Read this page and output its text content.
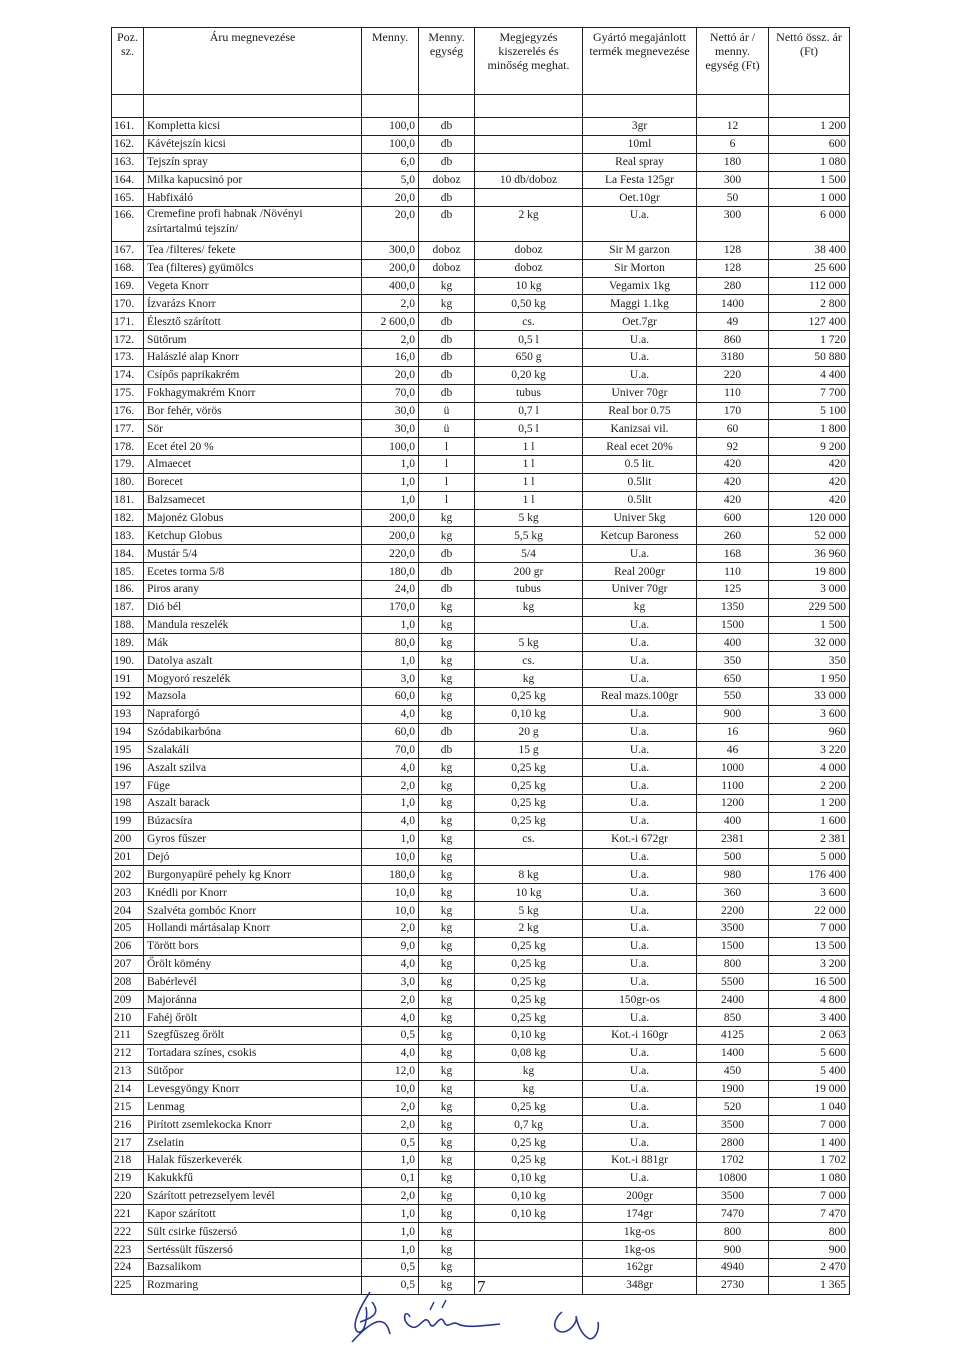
Poz. sz.	Áru megnevezése	Menny.	Menny. egység	Megjegyzés kiszerelés és minőség meghat.	Gyártó megajánlott termék megnevezése	Nettó ár / menny. egység (Ft)	Nettó össz. ár (Ft)

161.	Kompletta kicsi	100,0	db		3gr	12	1 200
162.	Kávétejszín kicsi	100,0	db		10ml	6	600
163.	Tejszín spray	6,0	db		Real spray	180	1 080
164.	Milka kapucsinó por	5,0	doboz	10 db/doboz	La Festa 125gr	300	1 500
165.	Habfixáló	20,0	db		Oet.10gr	50	1 000
166.	Cremefine profi habnak /Növényi zsírtartalmú tejszín/	20,0	db	2 kg	U.a.	300	6 000
167.	Tea /filteres/ fekete	300,0	doboz	doboz	Sir M garzon	128	38 400
168.	Tea (filteres) gyümölcs	200,0	doboz	doboz	Sir Morton	128	25 600
169.	Vegeta Knorr	400,0	kg	10 kg	Vegamix 1kg	280	112 000
170.	Ízvarázs Knorr	2,0	kg	0,50 kg	Maggi 1.1kg	1400	2 800
171.	Élesztő szárított	2 600,0	db	cs.	Oet.7gr	49	127 400
172.	Sütőrum	2,0	db	0,5 l	U.a.	860	1 720
173.	Halászlé alap Knorr	16,0	db	650 g	U.a.	3180	50 880
174.	Csípős paprikakrém	20,0	db	0,20 kg	U.a.	220	4 400
175.	Fokhagymakrém Knorr	70,0	db	tubus	Univer 70gr	110	7 700
176.	Bor fehér, vörös	30,0	ü	0,7 l	Real bor 0.75	170	5 100
177.	Sör	30,0	ü	0,5 l	Kanizsai vil.	60	1 800
178.	Ecet étel 20 %	100,0	l	1 l	Real ecet 20%	92	9 200
179.	Almaecet	1,0	l	1 l	0.5 lit.	420	420
180.	Borecet	1,0	l	1 l	0.5lit	420	420
181.	Balzsamecet	1,0	l	1 l	0.5lit	420	420
182.	Majonéz Globus	200,0	kg	5 kg	Univer 5kg	600	120 000
183.	Ketchup Globus	200,0	kg	5,5 kg	Ketcup Baroness	260	52 000
184.	Mustár 5/4	220,0	db	5/4	U.a.	168	36 960
185.	Ecetes torma 5/8	180,0	db	200 gr	Real 200gr	110	19 800
186.	Piros arany	24,0	db	tubus	Univer 70gr	125	3 000
187.	Dió bél	170,0	kg	kg	kg	1350	229 500
188.	Mandula reszelék	1,0	kg		U.a.	1500	1 500
189.	Mák	80,0	kg	5 kg	U.a.	400	32 000
190.	Datolya aszalt	1,0	kg	cs.	U.a.	350	350
191	Mogyoró reszelék	3,0	kg	kg	U.a.	650	1 950
192	Mazsola	60,0	kg	0,25 kg	Real mazs.100gr	550	33 000
193	Napraforgó	4,0	kg	0,10 kg	U.a.	900	3 600
194	Szódabikarbóna	60,0	db	20 g	U.a.	16	960
195	Szalakáli	70,0	db	15 g	U.a.	46	3 220
196	Aszalt szilva	4,0	kg	0,25 kg	U.a.	1000	4 000
197	Füge	2,0	kg	0,25 kg	U.a.	1100	2 200
198	Aszalt barack	1,0	kg	0,25 kg	U.a.	1200	1 200
199	Búzacsíra	4,0	kg	0,25 kg	U.a.	400	1 600
200	Gyros fűszer	1,0	kg	cs.	Kot.-i 672gr	2381	2 381
201	Dejó	10,0	kg		U.a.	500	5 000
202	Burgonyapüré pehely kg Knorr	180,0	kg	8 kg	U.a.	980	176 400
203	Knédli por Knorr	10,0	kg	10 kg	U.a.	360	3 600
204	Szalvéta gombóc Knorr	10,0	kg	5 kg	U.a.	2200	22 000
205	Hollandi mártásalap Knorr	2,0	kg	2 kg	U.a.	3500	7 000
206	Törött bors	9,0	kg	0,25 kg	U.a.	1500	13 500
207	Őrölt kömény	4,0	kg	0,25 kg	U.a.	800	3 200
208	Babérlevél	3,0	kg	0,25 kg	U.a.	5500	16 500
209	Majoránna	2,0	kg	0,25 kg	150gr-os	2400	4 800
210	Fahéj őrölt	4,0	kg	0,25 kg	U.a.	850	3 400
211	Szegfűszeg őrölt	0,5	kg	0,10 kg	Kot.-i 160gr	4125	2 063
212	Tortadara színes, csokis	4,0	kg	0,08 kg	U.a.	1400	5 600
213	Sütőpor	12,0	kg	kg	U.a.	450	5 400
214	Levesgyöngy Knorr	10,0	kg	kg	U.a.	1900	19 000
215	Lenmag	2,0	kg	0,25 kg	U.a.	520	1 040
216	Pirított zsemlekocka Knorr	2,0	kg	0,7 kg	U.a.	3500	7 000
217	Zselatin	0,5	kg	0,25 kg	U.a.	2800	1 400
218	Halak fűszerkeverék	1,0	kg	0,25 kg	Kot.-i 881gr	1702	1 702
219	Kakukkfű	0,1	kg	0,10 kg	U.a.	10800	1 080
220	Szárított petrezselyem levél	2,0	kg	0,10 kg	200gr	3500	7 000
221	Kapor szárított	1,0	kg	0,10 kg	174gr	7470	7 470
222	Sült csirke fűszersó	1,0	kg		1kg-os	800	800
223	Sertéssült fűszersó	1,0	kg		1kg-os	900	900
224	Bazsalikom	0,5	kg		162gr	4940	2 470
225	Rozmaring	0,5	kg		348gr	2730	1 365
7
